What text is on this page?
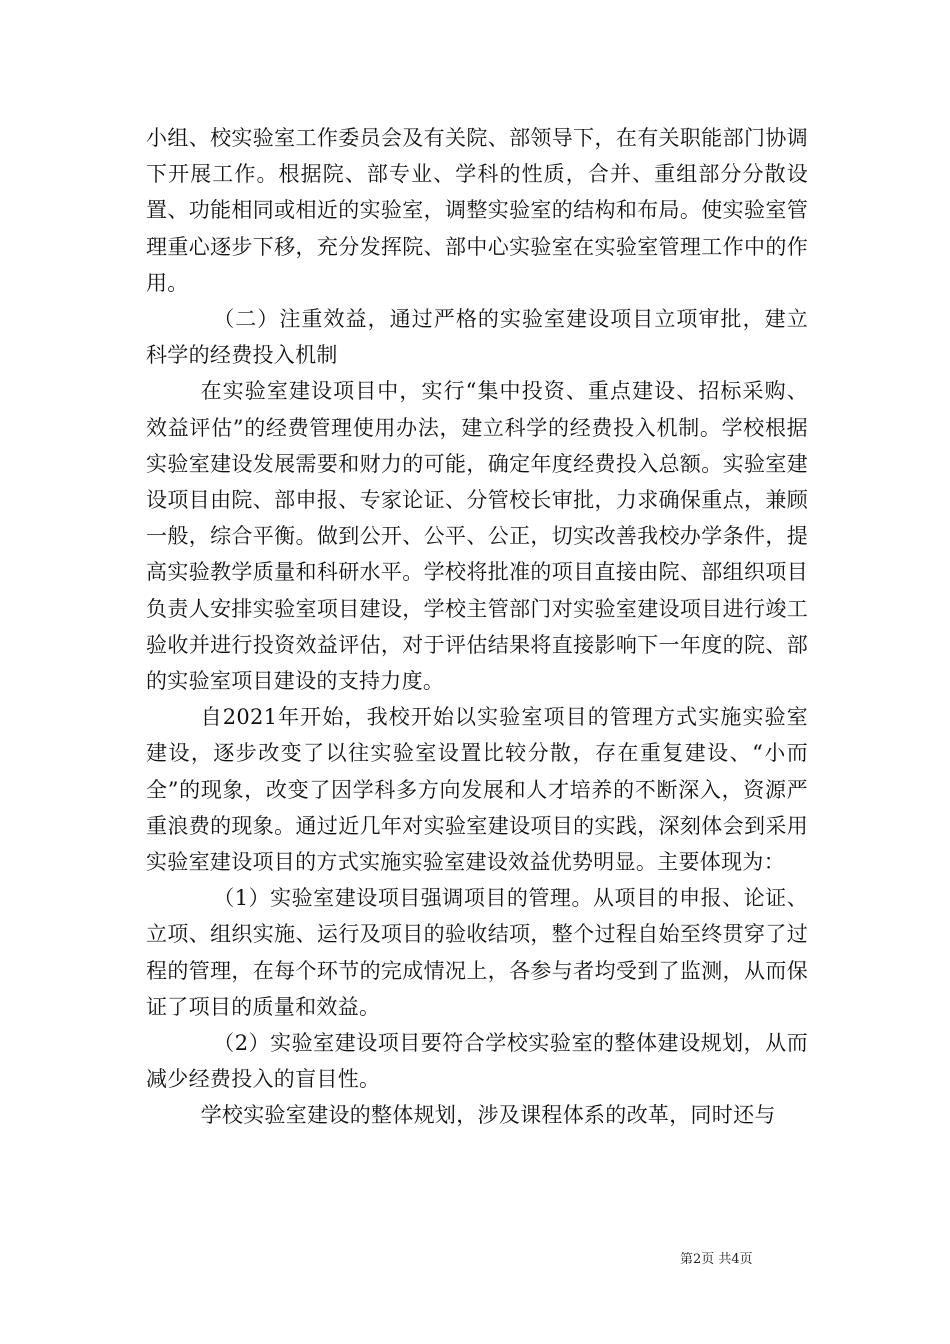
小组、校实验室工作委员会及有关院、部领导下，在有关职能部门协调下开展工作。根据院、部专业、学科的性质，合并、重组部分分散设置、功能相同或相近的实验室，调整实验室的结构和布局。使实验室管理重心逐步下移，充分发挥院、部中心实验室在实验室管理工作中的作用。

（二）注重效益，通过严格的实验室建设项目立项审批，建立科学的经费投入机制

在实验室建设项目中，实行“集中投资、重点建设、招标采购、效益评估”的经费管理使用办法，建立科学的经费投入机制。学校根据实验室建设发展需要和财力的可能，确定年度经费投入总额。实验室建设项目由院、部申报、专家论证、分管校长审批，力求确保重点，兼顾一般，综合平衡。做到公开、公平、公正，切实改善我校办学条件，提高实验教学质量和科研水平。学校将批准的项目直接由院、部组织项目负责人安排实验室项目建设，学校主管部门对实验室建设项目进行竣工验收并进行投资效益评估，对于评估结果将直接影响下一年度的院、部的实验室项目建设的支持力度。

自2021年开始，我校开始以实验室项目的管理方式实施实验室建设，逐步改变了以往实验室设置比较分散，存在重复建设、“小而全”的现象，改变了因学科多方向发展和人才培养的不断深入，资源严重浪费的现象。通过近几年对实验室建设项目的实践，深刻体会到采用实验室建设项目的方式实施实验室建设效益优势明显。主要体现为：

（1）实验室建设项目强调项目的管理。从项目的申报、论证、立项、组织实施、运行及项目的验收结项，整个过程自始至终贯穿了过程的管理，在每个环节的完成情况上，各参与者均受到了监测，从而保证了项目的质量和效益。

（2）实验室建设项目要符合学校实验室的整体建设规划，从而减少经费投入的盲目性。

学校实验室建设的整体规划，涉及课程体系的改革，同时还与

第2页 共4页
